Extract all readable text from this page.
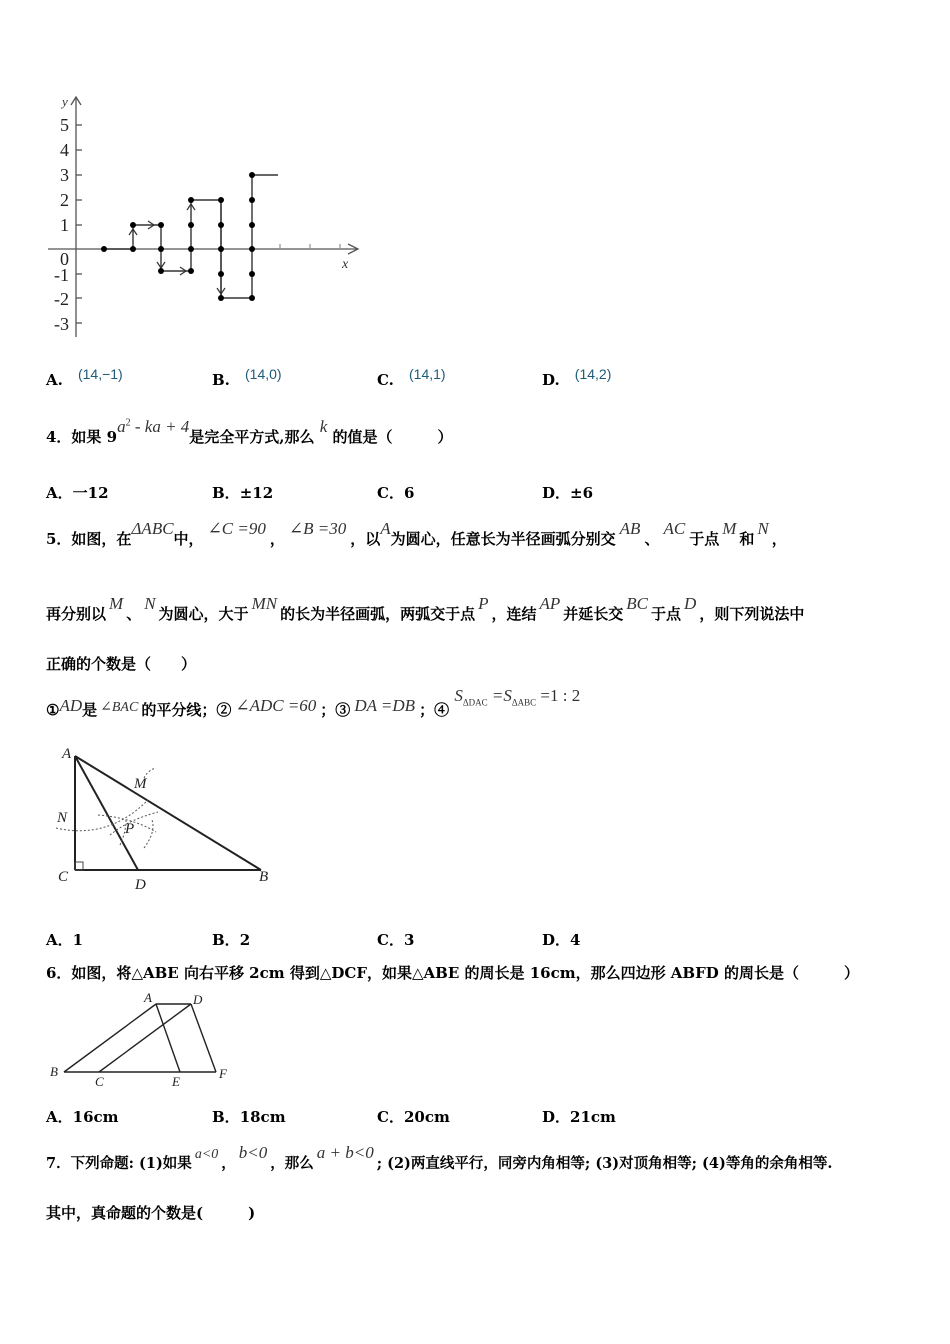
5
4
3
2
1
0
-1
-2
-3
y
x
A. (14,−1)	B. (14,0)	C. (14,1)	D. (14,2)
4．如果 $9a^2$ - ka + 4是完全平方式,那么 k 的值是（　　　）
A．一12	B．±12	C．6	D．±6
5．如图，在ΔABC中，∠C =90，∠B =30，以A为圆心，任意长为半径画弧分别交AB、AC于点M和N，
再分别以M、N为圆心，大于MN的长为半径画弧，两弧交于点P，连结AP并延长交BC于点D，则下列说法中
正确的个数是（　　）
①AD是 ∠BAC 的平分线；② ∠ADC =60 ；③ DA =DB ；④ $S_{\Delta DAC} =S_{\Delta ABC} =1$ : 2
A
M
N
P
C	D	B
A．1	B．2	C．3	D．4
6．如图，将△ABE 向右平移 2cm 得到△DCF，如果△ABE 的周长是 16cm，那么四边形 ABFD 的周长是（　　　）
A	D
B
C	E
F
A．16cm	B．18cm	C．20cm	D．21cm
7．下列命题: (1)如果a<0，b<0，那么a + b<0; (2)两直线平行，同旁内角相等; (3)对顶角相等; (4)等角的余角相等.
其中，真命题的个数是(　　　)
